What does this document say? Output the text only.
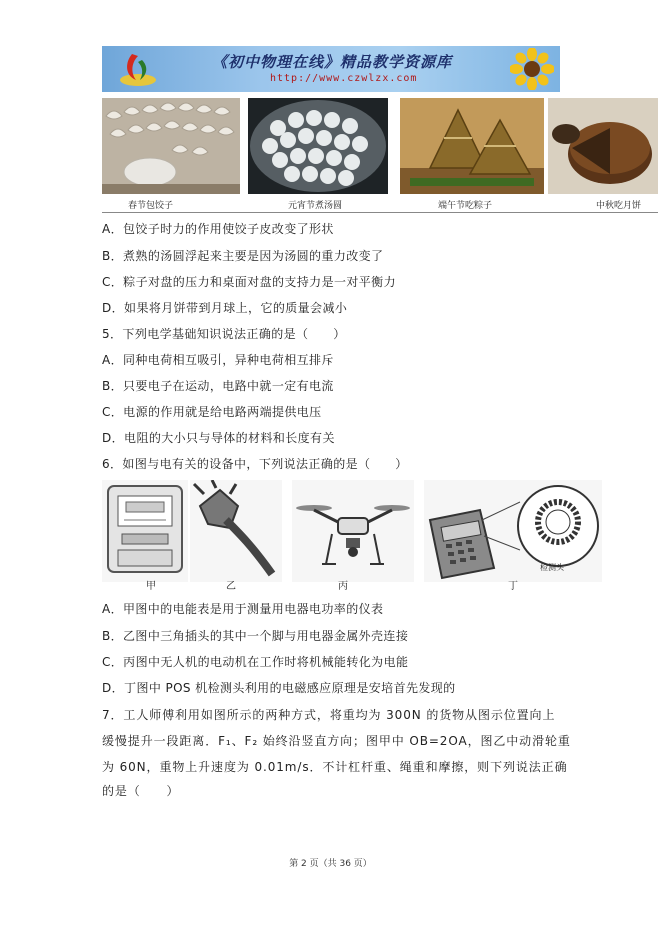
《初中物理在线》精品教学资源库
http://www.czwlzx.com
春节包饺子	元宵节煮汤圆	端午节吃粽子	中秋吃月饼
A．包饺子时力的作用使饺子皮改变了形状
B．煮熟的汤圆浮起来主要是因为汤圆的重力改变了
C．粽子对盘的压力和桌面对盘的支持力是一对平衡力
D．如果将月饼带到月球上，它的质量会减小
5．下列电学基础知识说法正确的是（　　）
A．同种电荷相互吸引，异种电荷相互排斥
B．只要电子在运动，电路中就一定有电流
C．电源的作用就是给电路两端提供电压
D．电阻的大小只与导体的材料和长度有关
6．如图与电有关的设备中，下列说法正确的是（　　）
检测头
甲	乙	丙	丁
A．甲图中的电能表是用于测量用电器电功率的仪表
B．乙图中三角插头的其中一个脚与用电器金属外壳连接
C．丙图中无人机的电动机在工作时将机械能转化为电能
D．丁图中 POS 机检测头利用的电磁感应原理是安培首先发现的
7．工人师傅利用如图所示的两种方式，将重均为 300N 的货物从图示位置向上
缓慢提升一段距离．F₁、F₂ 始终沿竖直方向；图甲中 OB=2OA，图乙中动滑轮重
为 60N，重物上升速度为 0.01m/s．不计杠杆重、绳重和摩擦，则下列说法正确
的是（　　）
第 2 页（共 36 页）
